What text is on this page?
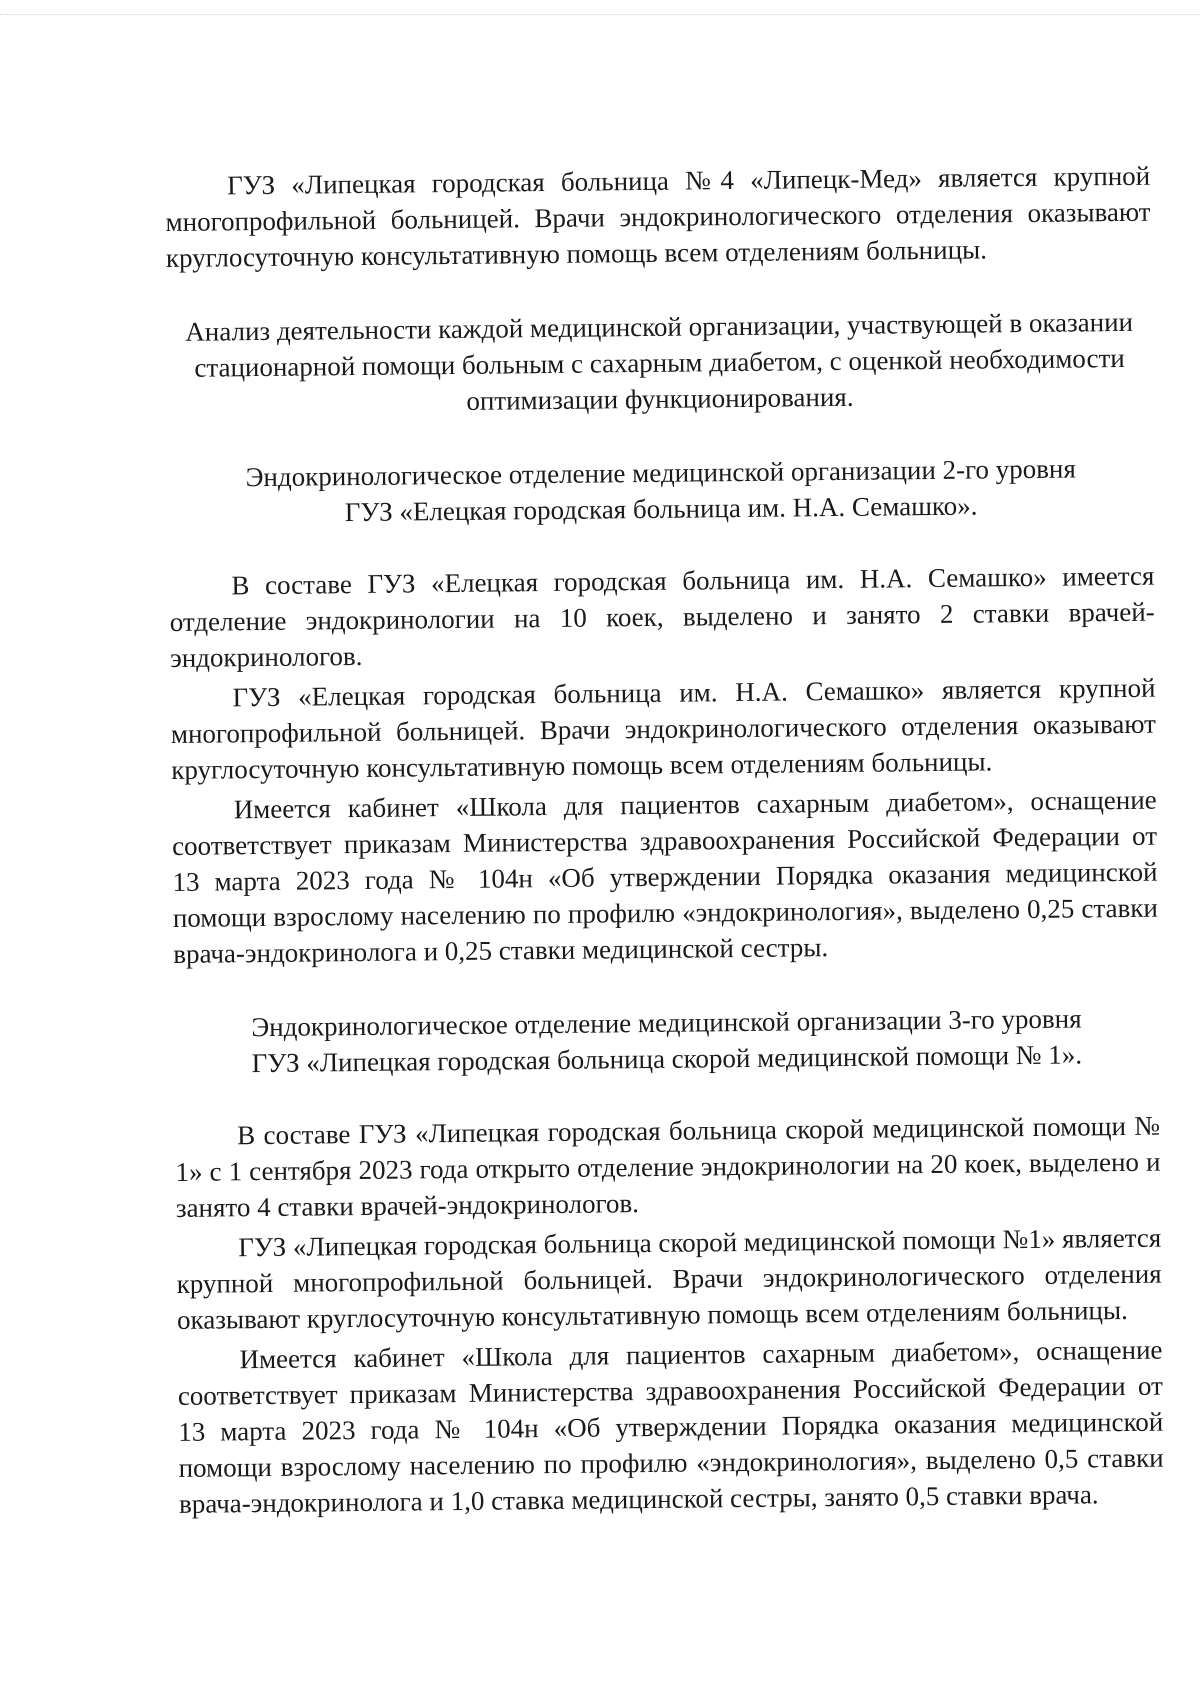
ГУЗ «Липецкая городская больница №4 «Липецк-Мед» является крупной многопрофильной больницей. Врачи эндокринологического отделения оказывают круглосуточную консультативную помощь всем отделениям больницы.

Анализ деятельности каждой медицинской организации, участвующей в оказании стационарной помощи больным с сахарным диабетом, с оценкой необходимости оптимизации функционирования.

Эндокринологическое отделение медицинской организации 2-го уровня

ГУЗ «Елецкая городская больница им. Н.А. Семашко».

В составе ГУЗ «Елецкая городская больница им. Н.А. Семашко» имеется отделение эндокринологии на 10 коек, выделено и занято 2 ставки врачей-эндокринологов.

ГУЗ «Елецкая городская больница им. Н.А. Семашко» является крупной многопрофильной больницей. Врачи эндокринологического отделения оказывают круглосуточную консультативную помощь всем отделениям больницы.

Имеется кабинет «Школа для пациентов сахарным диабетом», оснащение соответствует приказам Министерства здравоохранения Российской Федерации от 13 марта 2023 года № 104н «Об утверждении Порядка оказания медицинской помощи взрослому населению по профилю «эндокринология», выделено 0,25 ставки врача-эндокринолога и 0,25 ставки медицинской сестры.

Эндокринологическое отделение медицинской организации 3-го уровня

ГУЗ «Липецкая городская больница скорой медицинской помощи № 1».

В составе ГУЗ «Липецкая городская больница скорой медицинской помощи № 1» с 1 сентября 2023 года открыто отделение эндокринологии на 20 коек, выделено и занято 4 ставки врачей-эндокринологов.

ГУЗ «Липецкая городская больница скорой медицинской помощи №1» является крупной многопрофильной больницей. Врачи эндокринологического отделения оказывают круглосуточную консультативную помощь всем отделениям больницы.

Имеется кабинет «Школа для пациентов сахарным диабетом», оснащение соответствует приказам Министерства здравоохранения Российской Федерации от 13 марта 2023 года № 104н «Об утверждении Порядка оказания медицинской помощи взрослому населению по профилю «эндокринология», выделено 0,5 ставки врача-эндокринолога и 1,0 ставка медицинской сестры, занято 0,5 ставки врача.
